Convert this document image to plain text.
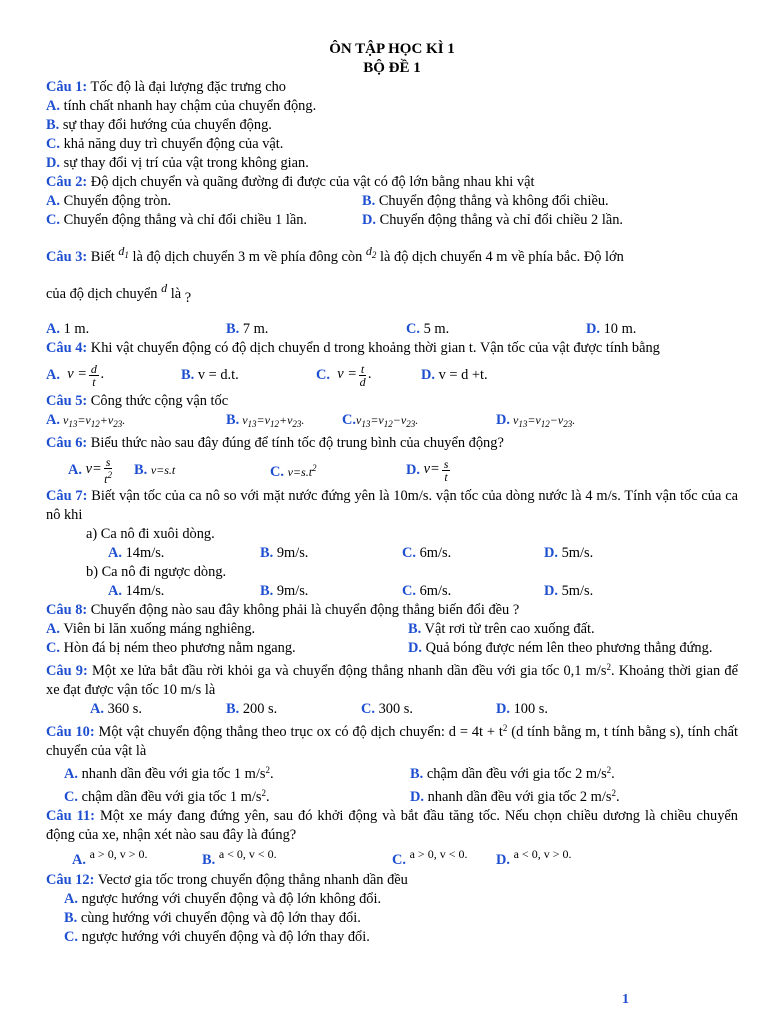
ÔN TẬP HỌC KÌ 1
BỘ ĐỀ 1
Câu 1: Tốc độ là đại lượng đặc trưng cho
A. tính chất nhanh hay chậm của chuyển động.
B. sự thay đổi hướng của chuyển động.
C. khả năng duy trì chuyển động của vật.
D. sự thay đổi vị trí của vật trong không gian.
Câu 2: Độ dịch chuyển và quãng đường đi được của vật có độ lớn bằng nhau khi vật
A. Chuyển động tròn.	B. Chuyển động thẳng và không đổi chiều.
C. Chuyển động thẳng và chỉ đổi chiều 1 lần.	D. Chuyển động thẳng và chỉ đổi chiều 2 lần.
Câu 3: Biết $^{d_1}$ là độ dịch chuyển 3 m về phía đông còn $^{d_2}$ là độ dịch chuyển 4 m về phía bắc. Độ lớn
của độ dịch chuyển $^d$ là ?
A. 1 m.	B. 7 m.	C. 5 m.	D. 10 m.
Câu 4: Khi vật chuyển động có độ dịch chuyển d trong khoảng thời gian t. Vận tốc của vật được tính bằng
A. $v = \frac{d}{t}$ .	B. v = d.t.	C. $v = \frac{t}{d}$ .	D. v = d +t.
Câu 5: Công thức cộng vận tốc
A. $v_{13}=v_{12}+v_{23}$.	B. $v_{13}=v_{12}+v_{23}$.	$C.v_{13}=v_{12}-v_{23}$.	D. $v_{13}=v_{12}-v_{23}$.
Câu 6: Biểu thức nào sau đây đúng để tính tốc độ trung bình của chuyển động?
A. $v= \frac{s}{t^2} B$. v=s.t	C. $v=s.t^2$	D. $v= \frac{s}{t}$
Câu 7: Biết vận tốc của ca nô so với mặt nước đứng yên là 10m/s. vận tốc của dòng nước là 4 m/s. Tính vận tốc của ca nô khi
a) Ca nô đi xuôi dòng.
A. 14m/s.	B. 9m/s.	C. 6m/s.	D. 5m/s.
b) Ca nô đi ngược dòng.
A. 14m/s.	B. 9m/s.	C. 6m/s.	D. 5m/s.
Câu 8: Chuyển động nào sau đây không phải là chuyển động thẳng biến đổi đều ?
A. Viên bi lăn xuống máng nghiêng.	B. Vật rơi từ trên cao xuống đất.
C. Hòn đá bị ném theo phương nằm ngang.	D. Quả bóng được ném lên theo phương thẳng đứng.
Câu 9: Một xe lửa bắt đầu rời khỏi ga và chuyển động thẳng nhanh dần đều với gia tốc 0,1 $m/s^2$. Khoảng thời gian để xe đạt được vận tốc 10 m/s là
A. 360 s.	B. 200 s.	C. 300 s.	D. 100 s.
Câu 10: Một vật chuyển động thẳng theo trục ox có độ dịch chuyển: $d = 4t + t^2$ (d tính bằng m, t tính bằng s), tính chất chuyển của vật là
A. nhanh dần đều với gia tốc 1 $m/s^2$.	B. chậm dần đều với gia tốc 2 $m/s^2$.
C. chậm dần đều với gia tốc 1 $m/s^2$.	D. nhanh dần đều với gia tốc 2 $m/s^2$.
Câu 11: Một xe máy đang đứng yên, sau đó khởi động và bắt đầu tăng tốc. Nếu chọn chiều dương là chiều chuyển động của xe, nhận xét nào sau đây là đúng?
A. a > 0, v > 0.	B. a < 0, v < 0.	C. a > 0, v < 0.	D. a < 0, v > 0.
Câu 12: Vectơ gia tốc trong chuyển động thẳng nhanh dần đều
A. ngược hướng với chuyển động và độ lớn không đổi.
B. cùng hướng với chuyển động và độ lớn thay đổi.
C. ngược hướng với chuyển động và độ lớn thay đổi.
1
